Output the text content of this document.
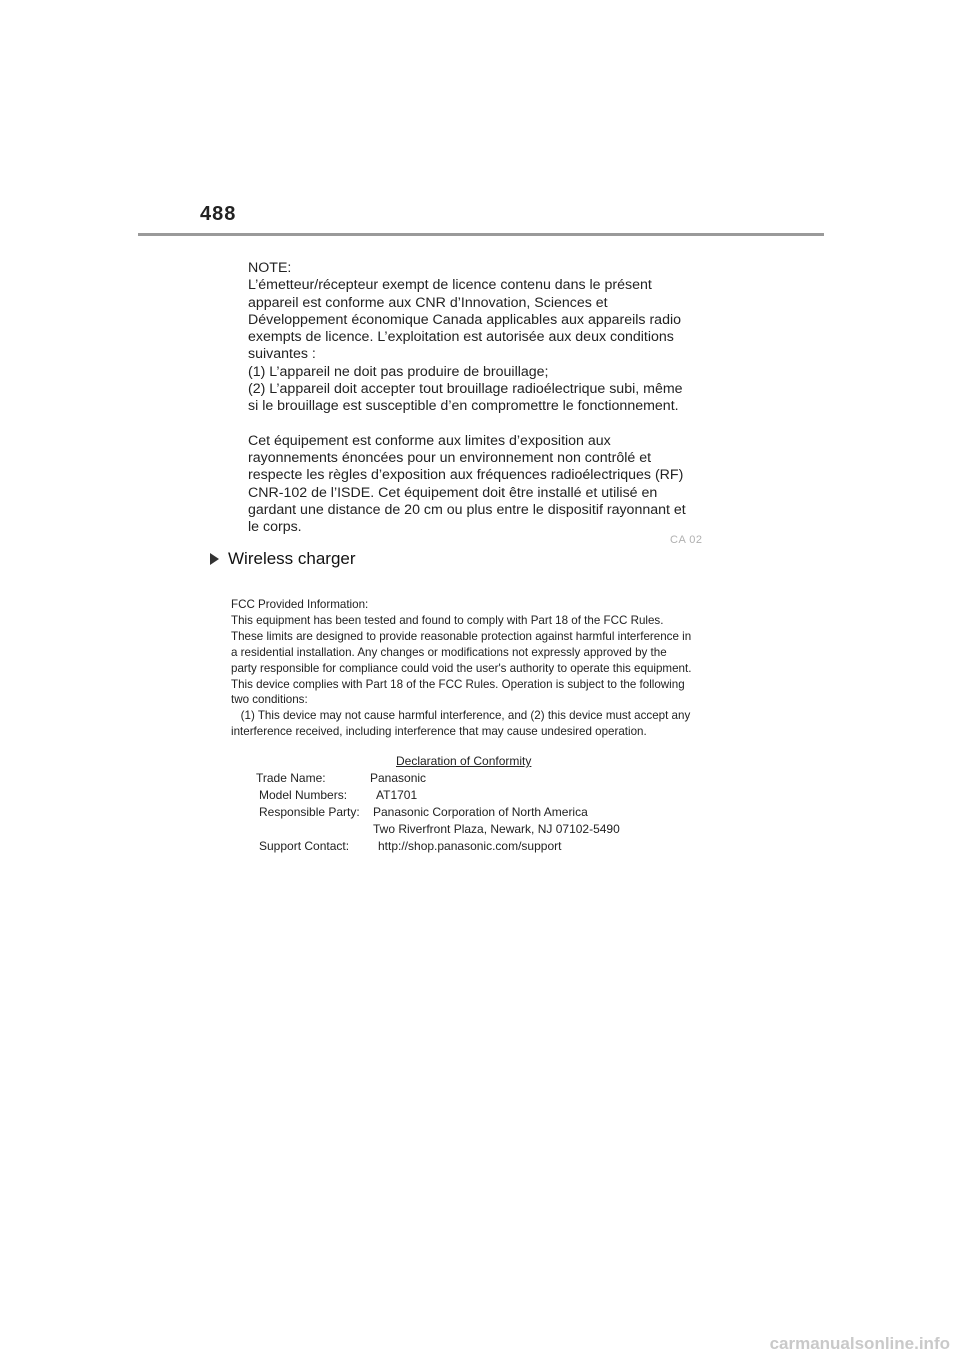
488
NOTE:
L’émetteur/récepteur exempt de licence contenu dans le présent
appareil est conforme aux CNR d’Innovation, Sciences et
Développement économique Canada applicables aux appareils radio
exempts de licence. L’exploitation est autorisée aux deux conditions
suivantes :
(1) L’appareil ne doit pas produire de brouillage;
(2) L’appareil doit accepter tout brouillage radioélectrique subi, même
si le brouillage est susceptible d’en compromettre le fonctionnement.
Cet équipement est conforme aux limites d’exposition aux
rayonnements énoncées pour un environnement non contrôlé et
respecte les règles d’exposition aux fréquences radioélectriques (RF)
CNR-102 de l’ISDE. Cet équipement doit être installé et utilisé en
gardant une distance de 20 cm ou plus entre le dispositif rayonnant et
le corps.
CA 02
Wireless charger
FCC Provided Information:
This equipment has been tested and found to comply with Part 18 of the FCC Rules.
These limits are designed to provide reasonable protection against harmful interference in
a residential installation. Any changes or modifications not expressly approved by the
party responsible for compliance could void the user's authority to operate this equipment.
This device complies with Part 18 of the FCC Rules. Operation is subject to the following
two conditions:
(1) This device may not cause harmful interference, and (2) this device must accept any
interference received, including interference that may cause undesired operation.
Declaration of Conformity
Trade Name:	Panasonic
Model Numbers: AT1701
Responsible Party: Panasonic Corporation of North America
Two Riverfront Plaza, Newark, NJ 07102-5490
Support Contact: http://shop.panasonic.com/support
carmanualsonline.info
